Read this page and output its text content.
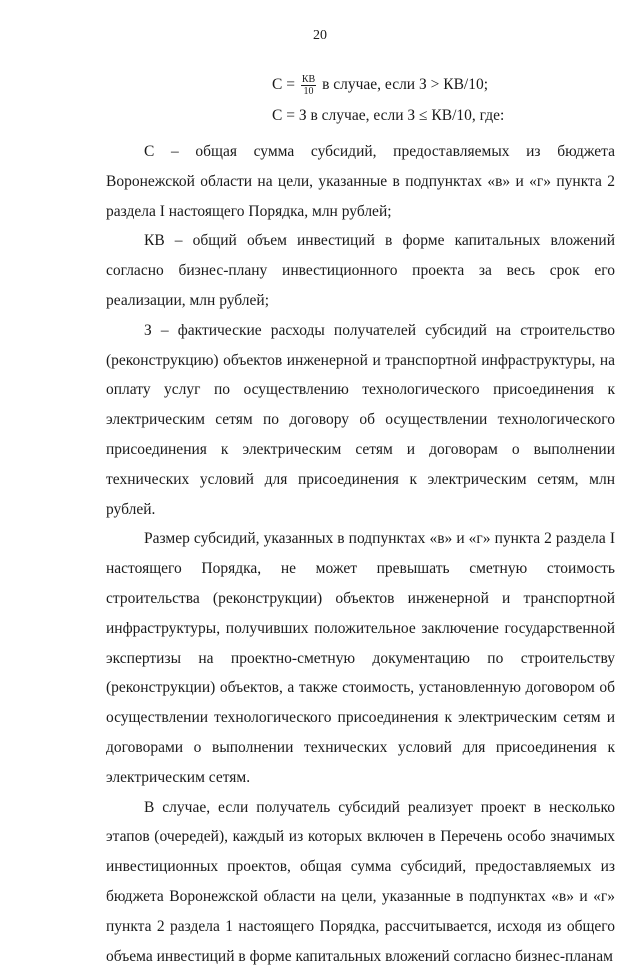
20
$С = \frac{КВ}{10}$ в случае, если З > КВ/10;
С = З в случае, если З ≤ КВ/10, где:

С – общая сумма субсидий, предоставляемых из бюджета Воронежской области на цели, указанные в подпунктах «в» и «г» пункта 2 раздела I настоящего Порядка, млн рублей;

КВ – общий объем инвестиций в форме капитальных вложений согласно бизнес-плану инвестиционного проекта за весь срок его реализации, млн рублей;

З – фактические расходы получателей субсидий на строительство (реконструкцию) объектов инженерной и транспортной инфраструктуры, на оплату услуг по осуществлению технологического присоединения к электрическим сетям по договору об осуществлении технологического присоединения к электрическим сетям и договорам о выполнении технических условий для присоединения к электрическим сетям, млн рублей.

Размер субсидий, указанных в подпунктах «в» и «г» пункта 2 раздела I настоящего Порядка, не может превышать сметную стоимость строительства (реконструкции) объектов инженерной и транспортной инфраструктуры, получивших положительное заключение государственной экспертизы на проектно-сметную документацию по строительству (реконструкции) объектов, а также стоимость, установленную договором об осуществлении технологического присоединения к электрическим сетям и договорами о выполнении технических условий для присоединения к электрическим сетям.

В случае, если получатель субсидий реализует проект в несколько этапов (очередей), каждый из которых включен в Перечень особо значимых инвестиционных проектов, общая сумма субсидий, предоставляемых из бюджета Воронежской области на цели, указанные в подпунктах «в» и «г» пункта 2 раздела 1 настоящего Порядка, рассчитывается, исходя из общего объема инвестиций в форме капитальных вложений согласно бизнес-планам
